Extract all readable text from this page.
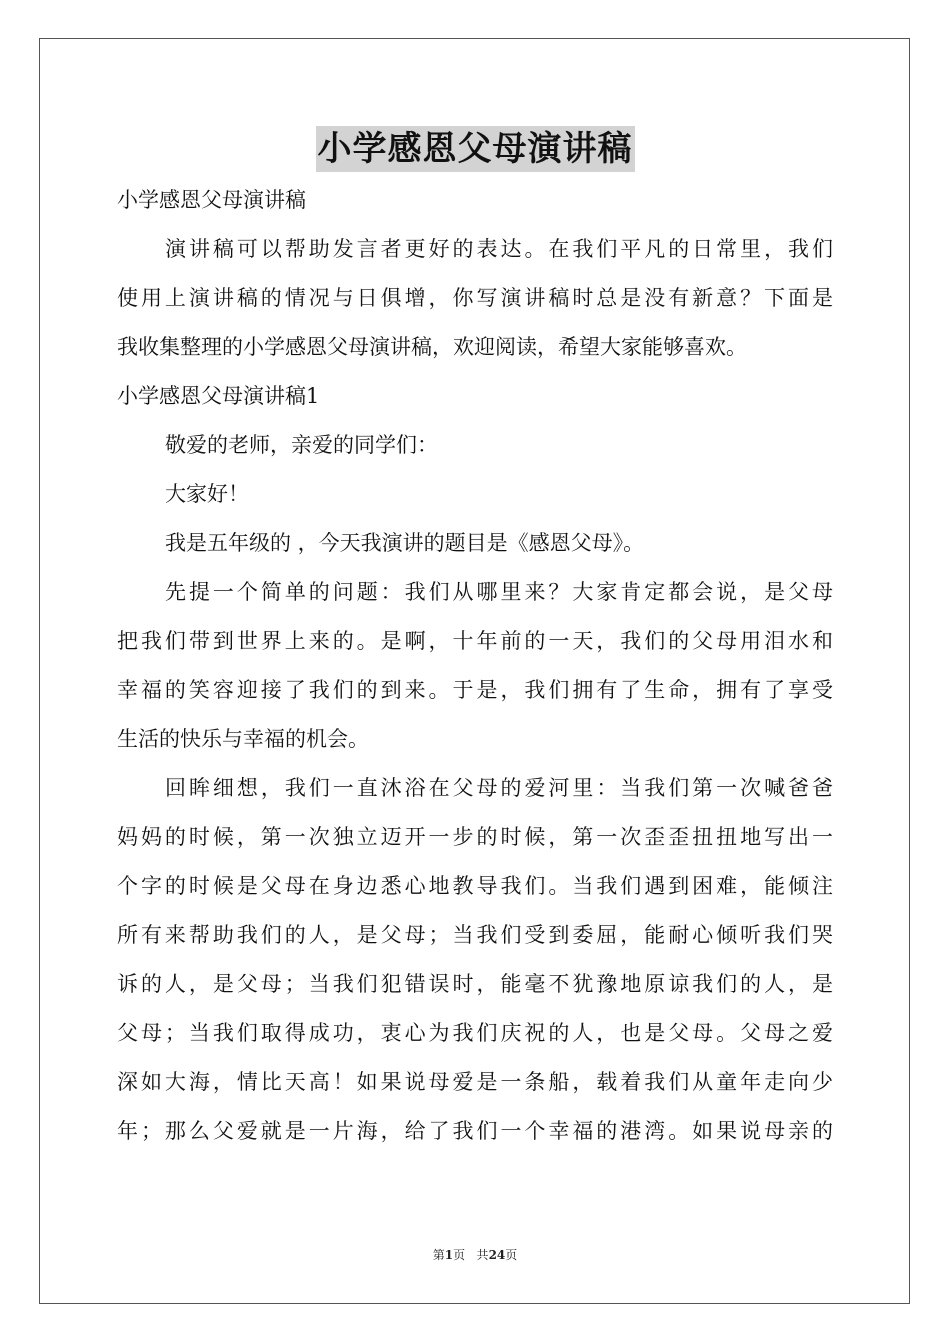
小学感恩父母演讲稿
小学感恩父母演讲稿
演讲稿可以帮助发言者更好的表达。在我们平凡的日常里，我们
使用上演讲稿的情况与日俱增，你写演讲稿时总是没有新意？下面是
我收集整理的小学感恩父母演讲稿，欢迎阅读，希望大家能够喜欢。
小学感恩父母演讲稿1
敬爱的老师，亲爱的同学们：
大家好！
我是五年级的 ，今天我演讲的题目是《感恩父母》。
先提一个简单的问题：我们从哪里来？大家肯定都会说，是父母
把我们带到世界上来的。是啊，十年前的一天，我们的父母用泪水和
幸福的笑容迎接了我们的到来。于是，我们拥有了生命，拥有了享受
生活的快乐与幸福的机会。
回眸细想，我们一直沐浴在父母的爱河里：当我们第一次喊爸爸
妈妈的时候，第一次独立迈开一步的时候，第一次歪歪扭扭地写出一
个字的时候是父母在身边悉心地教导我们。当我们遇到困难，能倾注
所有来帮助我们的人，是父母；当我们受到委屈，能耐心倾听我们哭
诉的人，是父母；当我们犯错误时，能毫不犹豫地原谅我们的人，是
父母；当我们取得成功，衷心为我们庆祝的人，也是父母。父母之爱
深如大海，情比天高！如果说母爱是一条船，载着我们从童年走向少
年；那么父爱就是一片海，给了我们一个幸福的港湾。如果说母亲的
第1页 共24页
